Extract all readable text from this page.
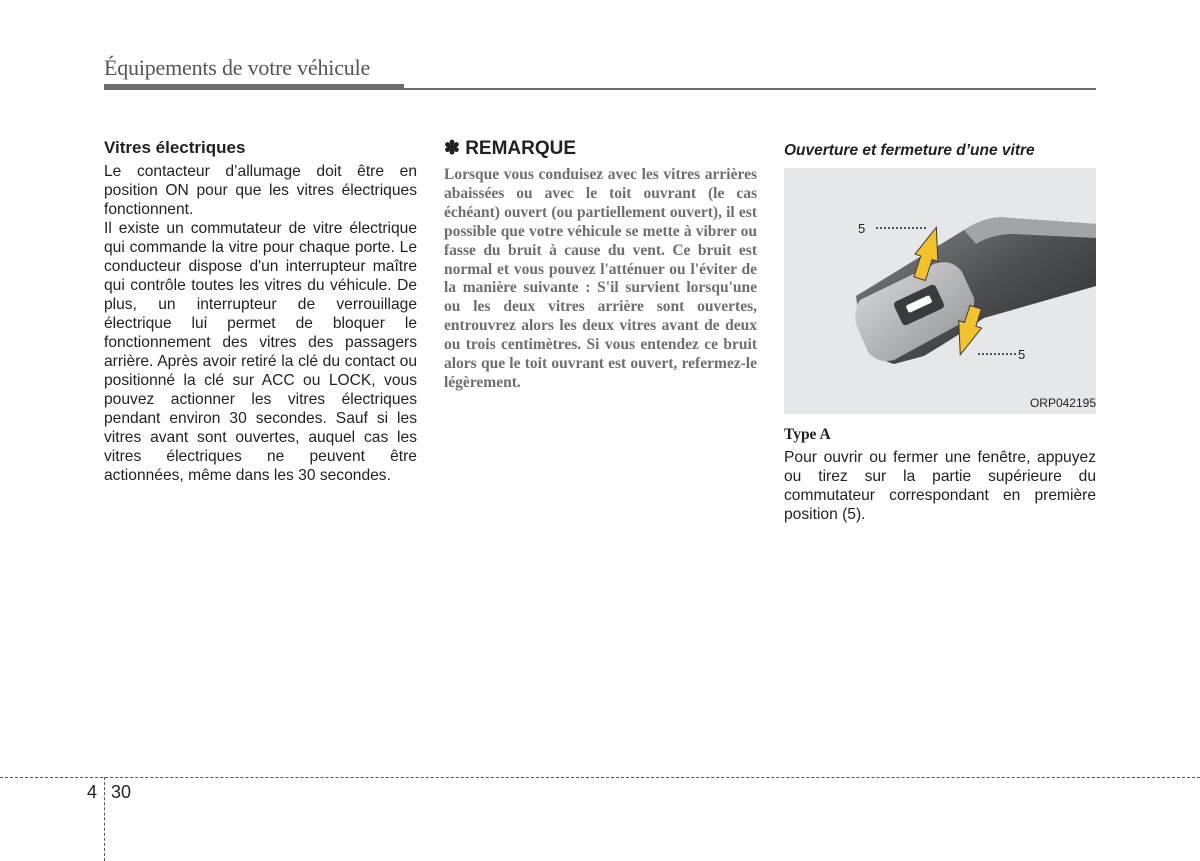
Équipements de votre véhicule
Vitres électriques

Le contacteur d’allumage doit être en position ON pour que les vitres électriques fonctionnent.

Il existe un commutateur de vitre électrique qui commande la vitre pour chaque porte. Le conducteur dispose d'un interrupteur maître qui contrôle toutes les vitres du véhicule. De plus, un interrupteur de verrouillage électrique lui permet de bloquer le fonctionnement des vitres des passagers arrière. Après avoir retiré la clé du contact ou positionné la clé sur ACC ou LOCK, vous pouvez actionner les vitres électriques pendant environ 30 secondes. Sauf si les vitres avant sont ouvertes, auquel cas les vitres électriques ne peuvent être actionnées, même dans les 30 secondes.

✽ REMARQUE

Lorsque vous conduisez avec les vitres arrières abaissées ou avec le toit ouvrant (le cas échéant) ouvert (ou partiellement ouvert), il est possible que votre véhicule se mette à vibrer ou fasse du bruit à cause du vent. Ce bruit est normal et vous pouvez l'atténuer ou l'éviter de la manière suivante : S'il survient lorsqu'une ou les deux vitres arrière sont ouvertes, entrouvrez alors les deux vitres avant de deux ou trois centimètres. Si vous entendez ce bruit alors que le toit ouvrant est ouvert, refermez-le légèrement.

Ouverture et fermeture d’une vitre
5
5
ORP042195
Type A

Pour ouvrir ou fermer une fenêtre, appuyez ou tirez sur la partie supérieure du commutateur correspondant en première position (5).

4 30
